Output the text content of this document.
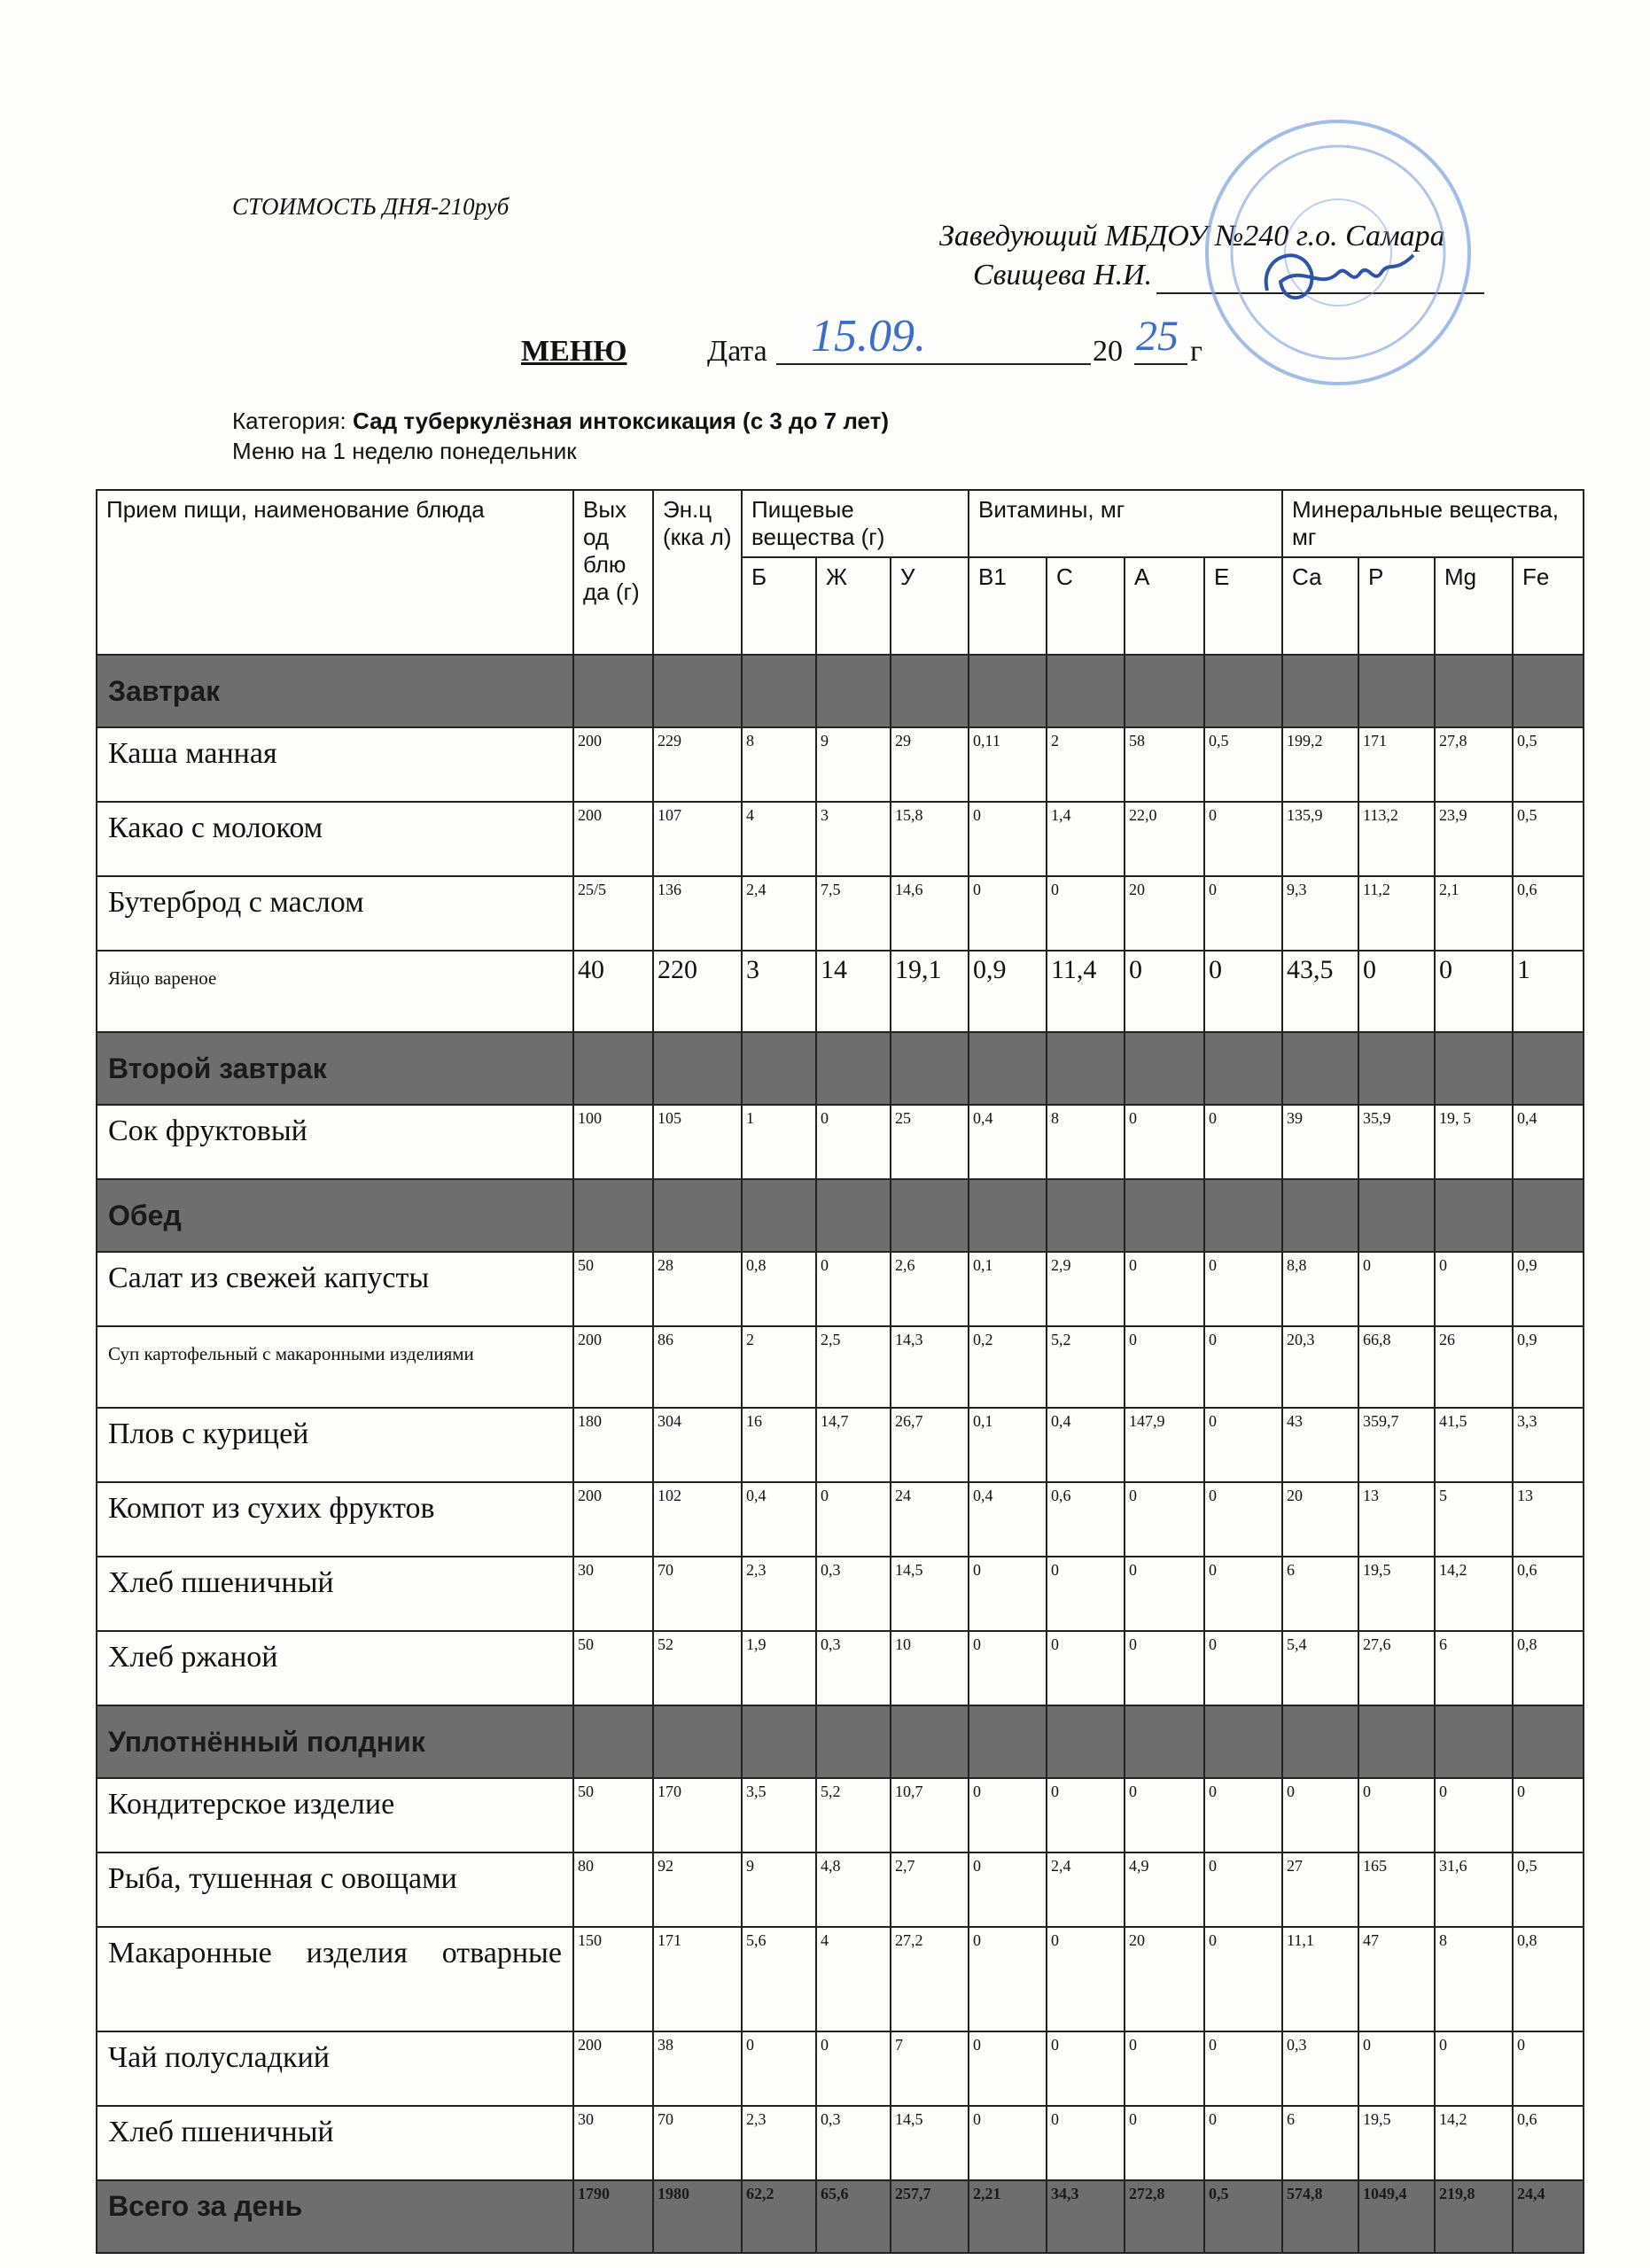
СТОИМОСТЬ ДНЯ-210руб
Заведующий МБДОУ №240 г.о. Самара
Свищева Н.И.
МЕНЮ	Дата 15.09.	20 25 г
Категория: Сад туберкулёзная интоксикация (с 3 до 7 лет)
Меню на 1 неделю понедельник
Прием пищи, наименование блюда	Вых од блю да (г)	Эн.ц (кка л)	Пищевые вещества (г)			Витамины, мг				Минеральные вещества, мг			
			Б	Ж	У	В1	С	А	Е	Са	Р	Mg	Fe
Завтрак													
Каша манная	200	229	8	9	29	0,11	2	58	0,5	199,2	171	27,8	0,5
Какао с молоком	200	107	4	3	15,8	0	1,4	22,0	0	135,9	113,2	23,9	0,5
Бутерброд с маслом	25/5	136	2,4	7,5	14,6	0	0	20	0	9,3	11,2	2,1	0,6
Яйцо вареное	40	220	3	14	19,1	0,9	11,4	0	0	43,5	0	0	1
Второй завтрак													
Сок фруктовый	100	105	1	0	25	0,4	8	0	0	39	35,9	19, 5	0,4
Обед													
Салат из свежей капусты	50	28	0,8	0	2,6	0,1	2,9	0	0	8,8	0	0	0,9
Суп картофельный с макаронными изделиями	200	86	2	2,5	14,3	0,2	5,2	0	0	20,3	66,8	26	0,9
Плов с курицей	180	304	16	14,7	26,7	0,1	0,4	147,9	0	43	359,7	41,5	3,3
Компот из сухих фруктов	200	102	0,4	0	24	0,4	0,6	0	0	20	13	5	13
Хлеб пшеничный	30	70	2,3	0,3	14,5	0	0	0	0	6	19,5	14,2	0,6
Хлеб ржаной	50	52	1,9	0,3	10	0	0	0	0	5,4	27,6	6	0,8
Уплотнённый полдник													
Кондитерское изделие	50	170	3,5	5,2	10,7	0	0	0	0	0	0	0	0
Рыба, тушенная с овощами	80	92	9	4,8	2,7	0	2,4	4,9	0	27	165	31,6	0,5
Макаронные изделия отварные	150	171	5,6	4	27,2	0	0	20	0	11,1	47	8	0,8
Чай полусладкий	200	38	0	0	7	0	0	0	0	0,3	0	0	0
Хлеб пшеничный	30	70	2,3	0,3	14,5	0	0	0	0	6	19,5	14,2	0,6
Всего за день	1790	1980	62,2	65,6	257,7	2,21	34,3	272,8	0,5	574,8	1049,4	219,8	24,4
